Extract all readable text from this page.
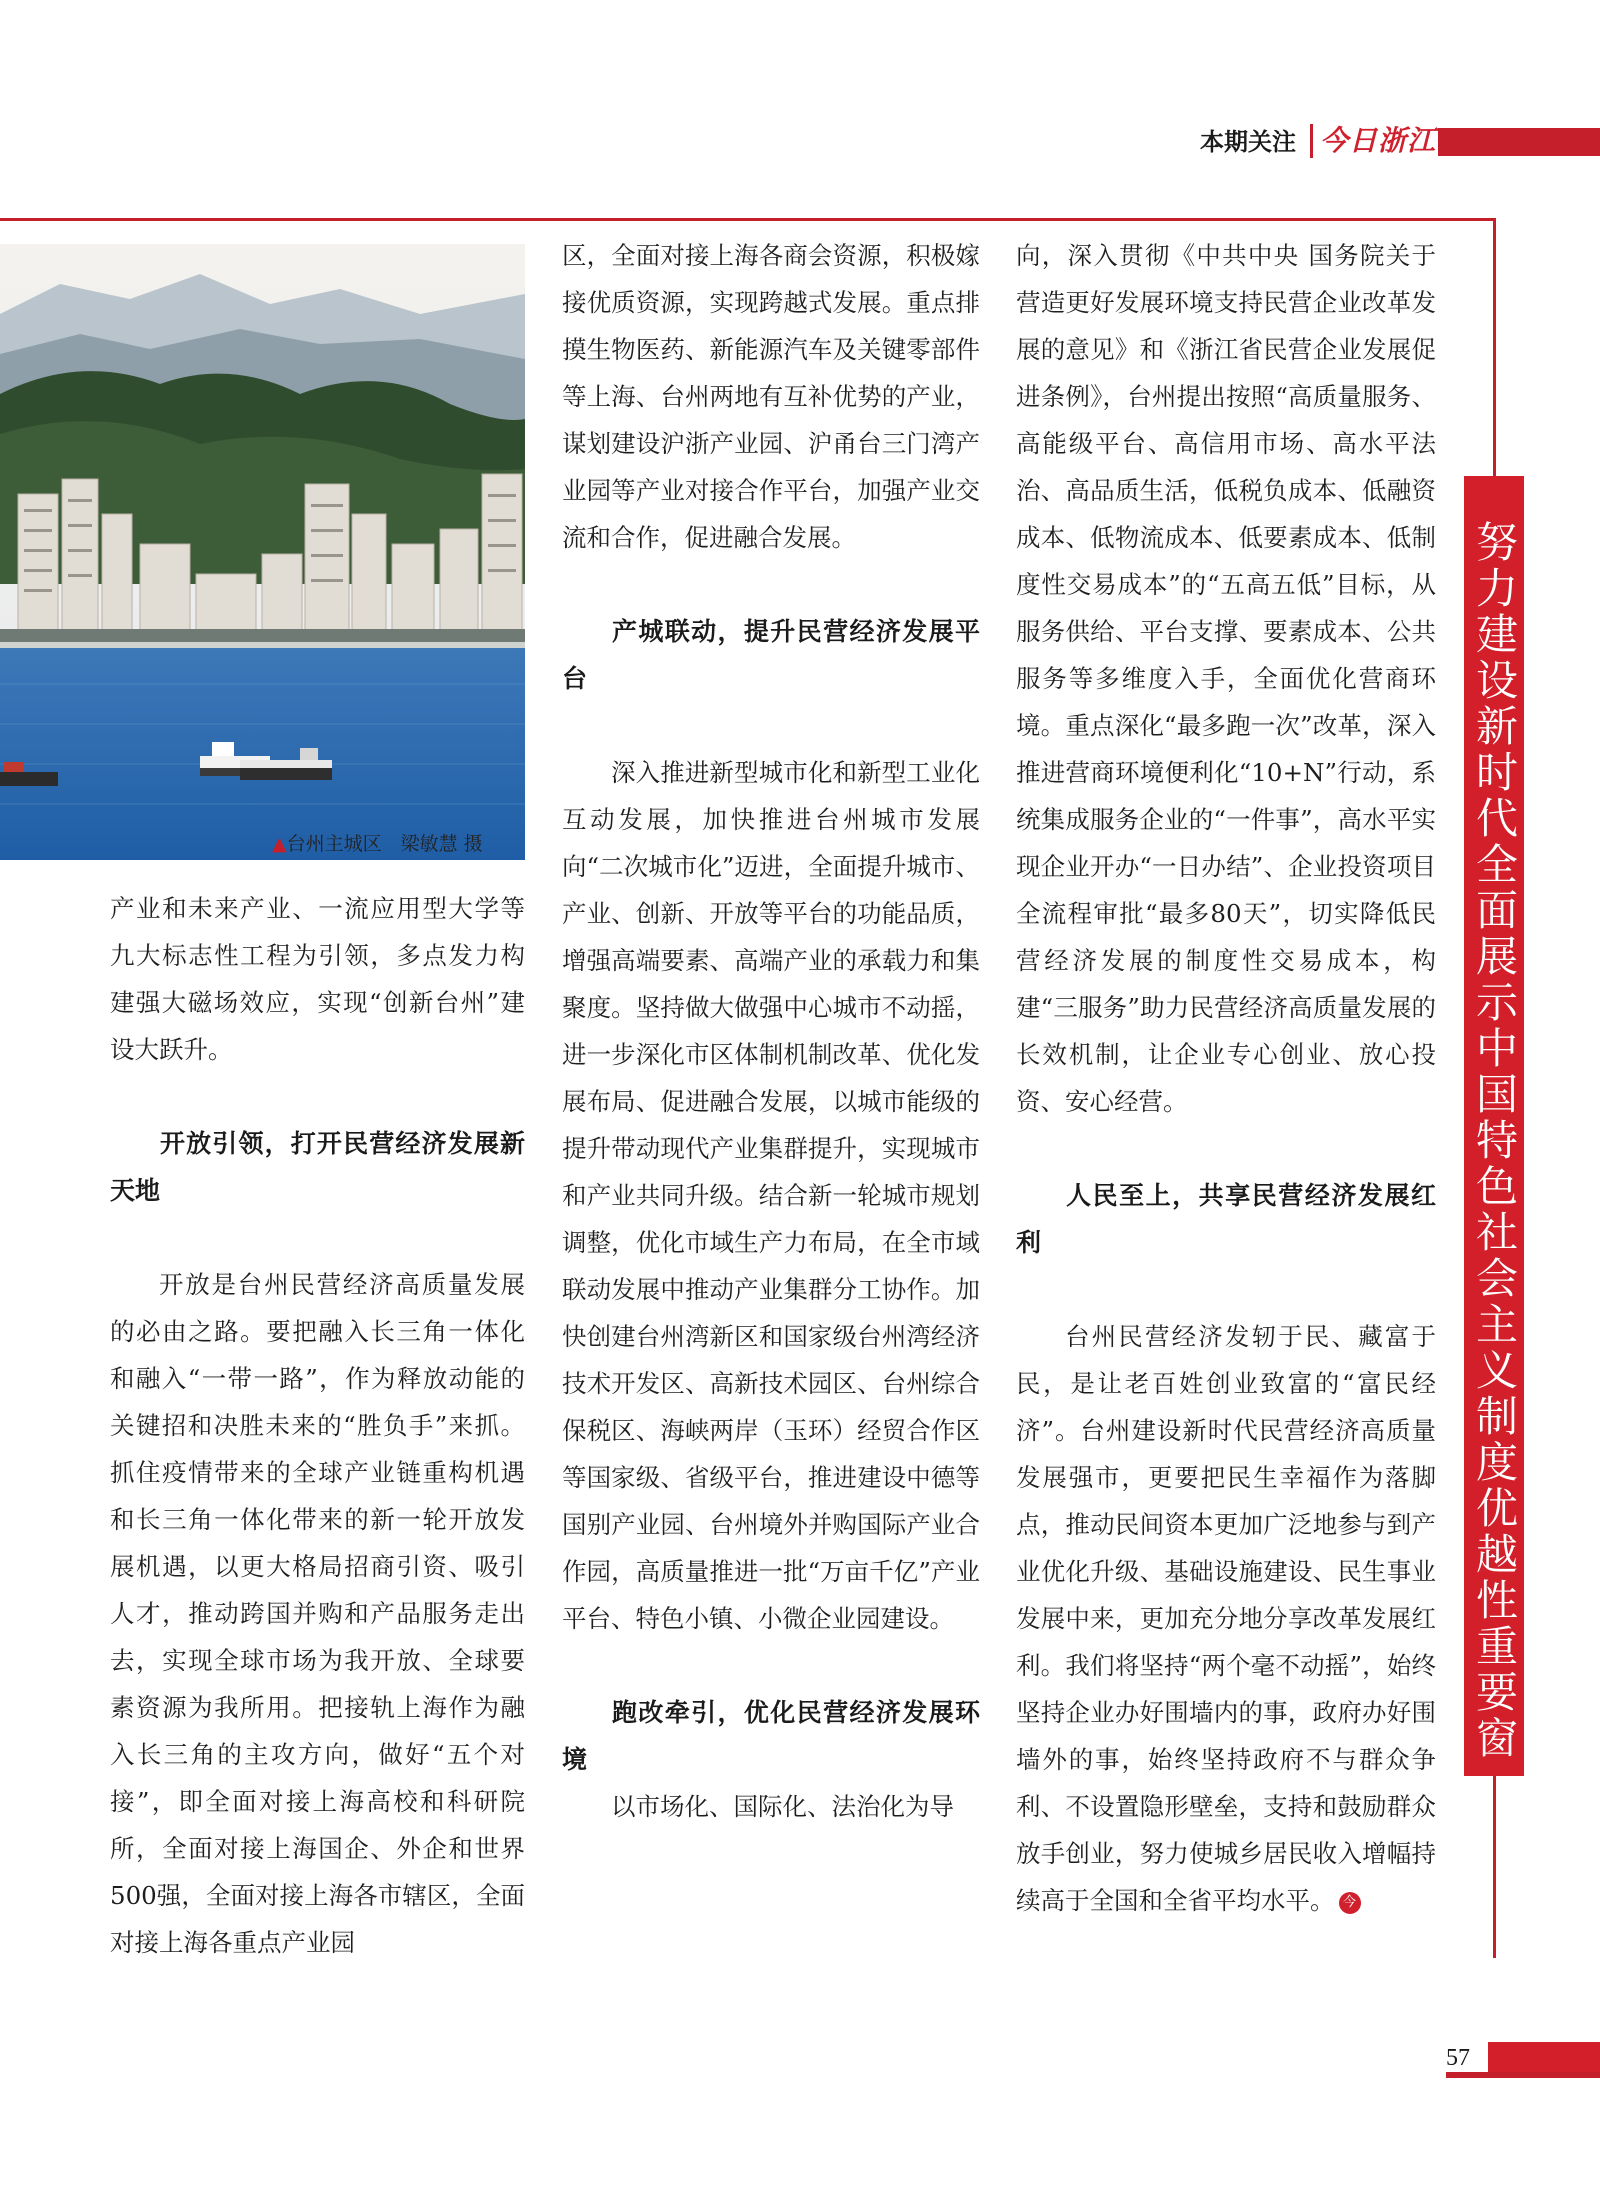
本期关注 今日浙江
▲台州主城区　梁敏慧 摄

产业和未来产业、一流应用型大学等九大标志性工程为引领，多点发力构建强大磁场效应，实现“创新台州”建设大跃升。

开放引领，打开民营经济发展新天地

开放是台州民营经济高质量发展的必由之路。要把融入长三角一体化和融入“一带一路”，作为释放动能的关键招和决胜未来的“胜负手”来抓。抓住疫情带来的全球产业链重构机遇和长三角一体化带来的新一轮开放发展机遇，以更大格局招商引资、吸引人才，推动跨国并购和产品服务走出去，实现全球市场为我开放、全球要素资源为我所用。把接轨上海作为融入长三角的主攻方向，做好“五个对接”，即全面对接上海高校和科研院所，全面对接上海国企、外企和世界500强，全面对接上海各市辖区，全面对接上海各重点产业园

区，全面对接上海各商会资源，积极嫁接优质资源，实现跨越式发展。重点排摸生物医药、新能源汽车及关键零部件等上海、台州两地有互补优势的产业，谋划建设沪浙产业园、沪甬台三门湾产业园等产业对接合作平台，加强产业交流和合作，促进融合发展。

产城联动，提升民营经济发展平台

深入推进新型城市化和新型工业化互动发展，加快推进台州城市发展向“二次城市化”迈进，全面提升城市、产业、创新、开放等平台的功能品质，增强高端要素、高端产业的承载力和集聚度。坚持做大做强中心城市不动摇，进一步深化市区体制机制改革、优化发展布局、促进融合发展，以城市能级的提升带动现代产业集群提升，实现城市和产业共同升级。结合新一轮城市规划调整，优化市域生产力布局，在全市域联动发展中推动产业集群分工协作。加快创建台州湾新区和国家级台州湾经济技术开发区、高新技术园区、台州综合保税区、海峡两岸（玉环）经贸合作区等国家级、省级平台，推进建设中德等国别产业园、台州境外并购国际产业合作园，高质量推进一批“万亩千亿”产业平台、特色小镇、小微企业园建设。

跑改牵引，优化民营经济发展环境

以市场化、国际化、法治化为导

向，深入贯彻《中共中央 国务院关于营造更好发展环境支持民营企业改革发展的意见》和《浙江省民营企业发展促进条例》，台州提出按照“高质量服务、高能级平台、高信用市场、高水平法治、高品质生活，低税负成本、低融资成本、低物流成本、低要素成本、低制度性交易成本”的“五高五低”目标，从服务供给、平台支撑、要素成本、公共服务等多维度入手，全面优化营商环境。重点深化“最多跑一次”改革，深入推进营商环境便利化“10+N”行动，系统集成服务企业的“一件事”，高水平实现企业开办“一日办结”、企业投资项目全流程审批“最多80天”，切实降低民营经济发展的制度性交易成本，构建“三服务”助力民营经济高质量发展的长效机制，让企业专心创业、放心投资、安心经营。

人民至上，共享民营经济发展红利

台州民营经济发轫于民、藏富于民，是让老百姓创业致富的“富民经济”。台州建设新时代民营经济高质量发展强市，更要把民生幸福作为落脚点，推动民间资本更加广泛地参与到产业优化升级、基础设施建设、民生事业发展中来，更加充分地分享改革发展红利。我们将坚持“两个毫不动摇”，始终坚持企业办好围墙内的事，政府办好围墙外的事，始终坚持政府不与群众争利、不设置隐形壁垒，支持和鼓励群众放手创业，努力使城乡居民收入增幅持续高于全国和全省平均水平。 今

努力建设新时代全面展示中国特色社会主义制度优越性重要窗口
57
